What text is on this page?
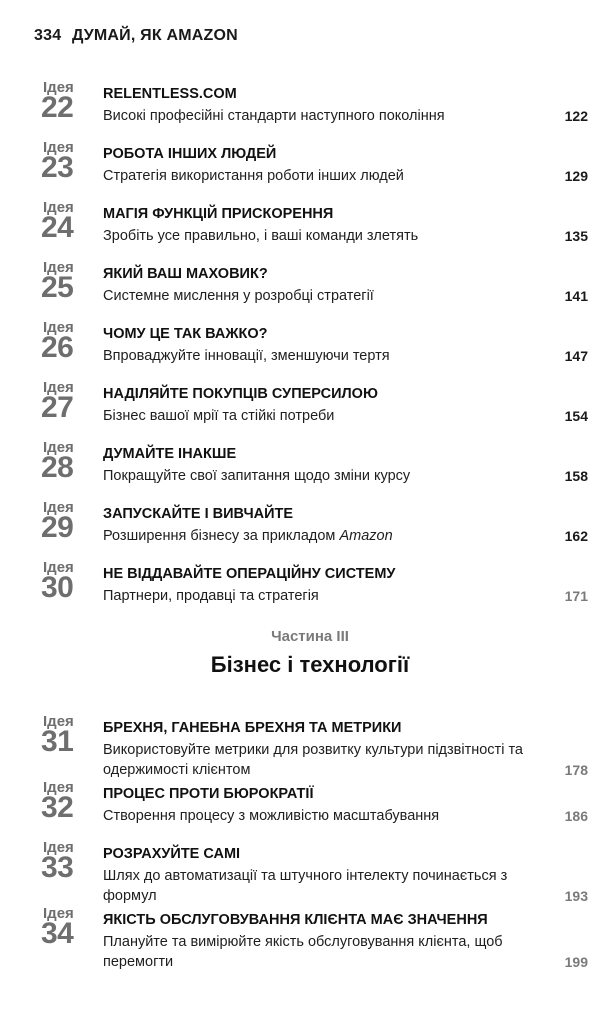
334 ДУМАЙ, ЯК AMAZON
Ідея
22 RELENTLESS.COM
Високі професійні стандарти наступного покоління	122
Ідея
23 РОБОТА ІНШИХ ЛЮДЕЙ
Стратегія використання роботи інших людей	129
Ідея
24 МАГІЯ ФУНКЦІЙ ПРИСКОРЕННЯ
Зробіть усе правильно, і ваші команди злетять	135
Ідея
25 ЯКИЙ ВАШ МАХОВИК?
Системне мислення у розробці стратегії	141
Ідея
26 ЧОМУ ЦЕ ТАК ВАЖКО?
Впроваджуйте інновації, зменшуючи тертя	147
Ідея
27 НАДІЛЯЙТЕ ПОКУПЦІВ СУПЕРСИЛОЮ
Бізнес вашої мрії та стійкі потреби	154
Ідея
28 ДУМАЙТЕ ІНАКШЕ
Покращуйте свої запитання щодо зміни курсу	158
Ідея
29 ЗАПУСКАЙТЕ І ВИВЧАЙТЕ
Розширення бізнесу за прикладом Amazon	162
Ідея
30 НЕ ВІДДАВАЙТЕ ОПЕРАЦІЙНУ СИСТЕМУ
Партнери, продавці та стратегія	171
Частина III
Бізнес і технології
Ідея
31 БРЕХНЯ, ГАНЕБНА БРЕХНЯ ТА МЕТРИКИ
Використовуйте метрики для розвитку культури підзвітності та одержимості клієнтом	178
Ідея
32 ПРОЦЕС ПРОТИ БЮРОКРАТІЇ
Створення процесу з можливістю масштабування	186
Ідея
33 РОЗРАХУЙТЕ САМІ
Шлях до автоматизації та штучного інтелекту починається з формул	193
Ідея
34 ЯКІСТЬ ОБСЛУГОВУВАННЯ КЛІЄНТА МАЄ ЗНАЧЕННЯ
Плануйте та вимірюйте якість обслуговування клієнта, щоб перемогти	199
